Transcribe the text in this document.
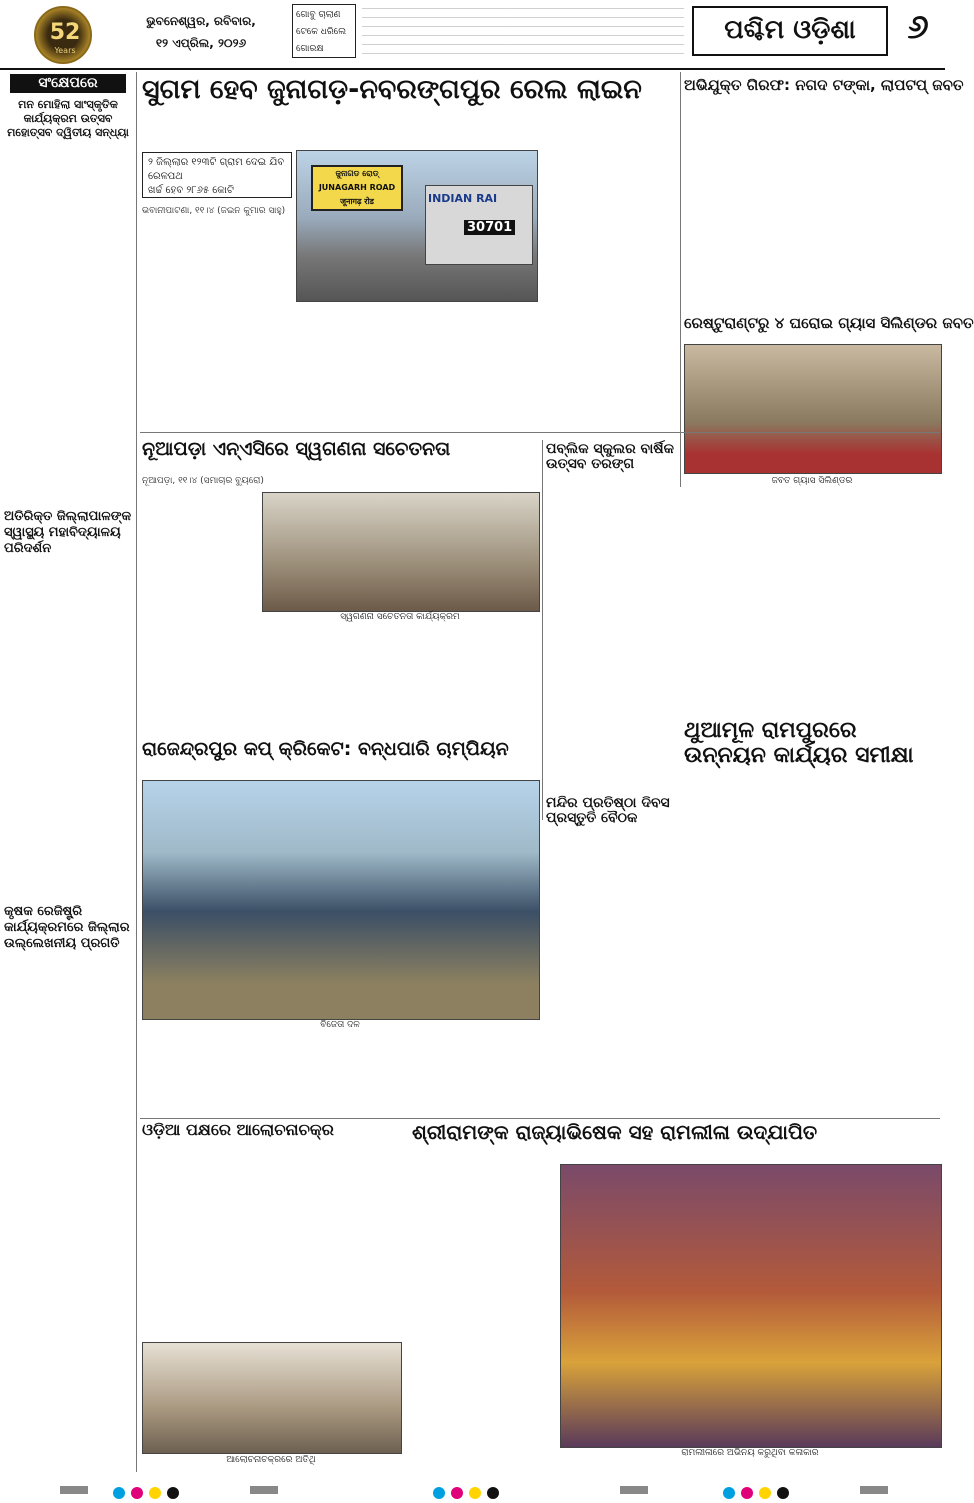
52
Years
ଭୁବନେଶ୍ୱର, ରବିବାର,
୧୨ ଏପ୍ରିଲ, ୨୦୨୬
ଗୋବୁ ଚାଲାଣ
ଟେକେ ଧରିଲେ
ଗୋରକ୍ଷ
ପଶ୍ଚିମ ଓଡ଼ିଶା	୬
ସଂକ୍ଷେପରେ
ମନ ମୋହିଲା ସାଂସ୍କୃତିକ କାର୍ଯ୍ୟକ୍ରମ ଉତ୍ସବ ମହୋତ୍ସବ ଦ୍ୱିତୀୟ ସନ୍ଧ୍ୟା
ଅତିରିକ୍ତ ଜିଲ୍ଲାପାଳଙ୍କ ସ୍ୱାସ୍ଥ୍ୟ ମହାବିଦ୍ୟାଳୟ ପରିଦର୍ଶନ
କୃଷକ ରେଜିଷ୍ଟ୍ରି କାର୍ଯ୍ୟକ୍ରମରେ ଜିଲ୍ଲାର ଉଲ୍ଲେଖନୀୟ ପ୍ରଗତି
ସୁଗମ ହେବ ଜୁନାଗଡ଼-ନବରଙ୍ଗପୁର ରେଲ ଲାଇନ
୨ ଜିଲ୍ଲାର ୧୨୩ଟି ଗ୍ରାମ ଦେଇ ଯିବ ରେଳପଥ
ଖର୍ଚ୍ଚ ହେବ ୨୮୬୫ କୋଟି
ଭବାନୀପାଟଣା, ୧୧।୪ (ଜଇନ କୁମାର ସାହୁ)
ଜୁନାଗଡ ରୋଡ୍
JUNAGARH ROAD
जूनागढ़ रोड	INDIAN RAI
30701
ଅଭିଯୁକ୍ତ ଗିରଫ: ନଗଦ ଟଙ୍କା, ଲାପଟପ୍ ଜବତ
ରେଷ୍ଟୁରାଣ୍ଟରୁ ୪ ଘରୋଇ ଗ୍ୟାସ ସିଲିଣ୍ଡର ଜବତ
ଜବତ ଗ୍ୟାସ ସିଲିଣ୍ଡର
ନୂଆପଡ଼ା ଏନ୍ଏସିରେ ସ୍ୱଗଣନା ସଚେତନତା
ନୂଆପଡ଼ା, ୧୧।୪ (ସମାଚାର ବ୍ୟୁରୋ)
ସ୍ୱଗଣନା ସଚେତନତା କାର୍ଯ୍ୟକ୍ରମ
ପବ୍ଲିକ ସ୍କୁଲର ବାର୍ଷିକ ଉତ୍ସବ ତରଙ୍ଗ
ରାଜେନ୍ଦ୍ରପୁର କପ୍ କ୍ରିକେଟ: ବନ୍ଧପାରି ଚାମ୍ପିୟନ
ବିଜେତା ଦଳ
ମନ୍ଦିର ପ୍ରତିଷ୍ଠା ଦିବସ ପ୍ରସ୍ତୁତି ବୈଠକ
ଥୁଆମୂଳ ରାମପୁରରେ ଉନ୍ନୟନ କାର୍ଯ୍ୟର ସମୀକ୍ଷା
ଓଡ଼ିଆ ପକ୍ଷରେ ଆଲୋଚନାଚକ୍ର
ଆଲୋଚନାଚକ୍ରରେ ଅତିଥି
ଶ୍ରୀରାମଙ୍କ ରାଜ୍ୟାଭିଷେକ ସହ ରାମଲୀଳା ଉଦ୍‌ଯାପିତ
ରାମଲୀଳାରେ ଅଭିନୟ କରୁଥିବା କଳାକାର
